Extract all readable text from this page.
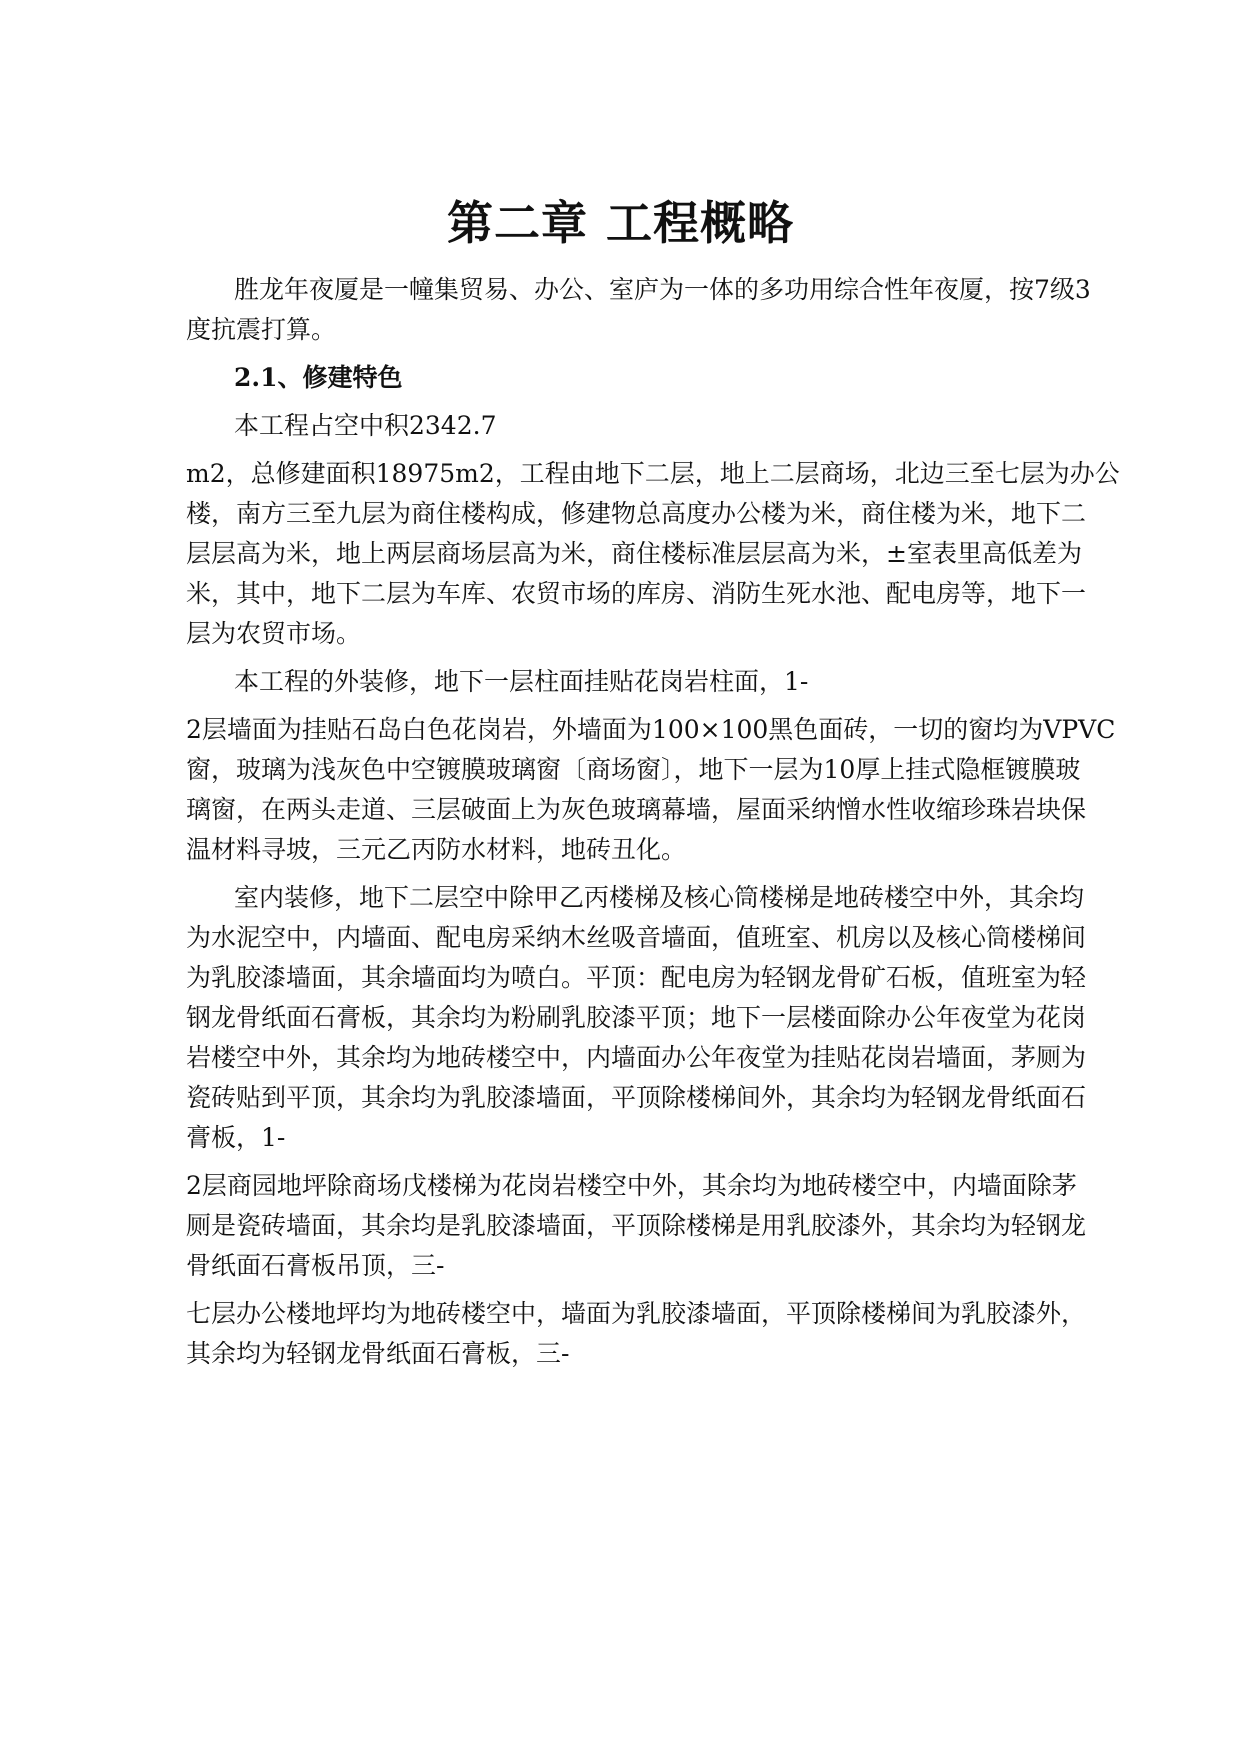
第二章 工程概略

胜龙年夜厦是一幢集贸易、办公、室庐为一体的多功用综合性年夜厦，按7级3

度抗震打算。

2.1、修建特色

本工程占空中积2342.7

m2，总修建面积18975m2，工程由地下二层，地上二层商场，北边三至七层为办公

楼，南方三至九层为商住楼构成，修建物总高度办公楼为米，商住楼为米，地下二

层层高为米，地上两层商场层高为米，商住楼标准层层高为米，±室表里高低差为

米，其中，地下二层为车库、农贸市场的库房、消防生死水池、配电房等，地下一

层为农贸市场。

本工程的外装修，地下一层柱面挂贴花岗岩柱面，1-

2层墙面为挂贴石岛白色花岗岩，外墙面为100×100黑色面砖，一切的窗均为VPVC

窗，玻璃为浅灰色中空镀膜玻璃窗〔商场窗〕，地下一层为10厚上挂式隐框镀膜玻

璃窗，在两头走道、三层破面上为灰色玻璃幕墙，屋面采纳憎水性收缩珍珠岩块保

温材料寻坡，三元乙丙防水材料，地砖丑化。

室内装修，地下二层空中除甲乙丙楼梯及核心筒楼梯是地砖楼空中外，其余均

为水泥空中，内墙面、配电房采纳木丝吸音墙面，值班室、机房以及核心筒楼梯间

为乳胶漆墙面，其余墙面均为喷白。平顶：配电房为轻钢龙骨矿石板，值班室为轻

钢龙骨纸面石膏板，其余均为粉刷乳胶漆平顶；地下一层楼面除办公年夜堂为花岗

岩楼空中外，其余均为地砖楼空中，内墙面办公年夜堂为挂贴花岗岩墙面，茅厕为

瓷砖贴到平顶，其余均为乳胶漆墙面，平顶除楼梯间外，其余均为轻钢龙骨纸面石

膏板，1-

2层商园地坪除商场戊楼梯为花岗岩楼空中外，其余均为地砖楼空中，内墙面除茅

厕是瓷砖墙面，其余均是乳胶漆墙面，平顶除楼梯是用乳胶漆外，其余均为轻钢龙

骨纸面石膏板吊顶，三-

七层办公楼地坪均为地砖楼空中，墙面为乳胶漆墙面，平顶除楼梯间为乳胶漆外，

其余均为轻钢龙骨纸面石膏板，三-
